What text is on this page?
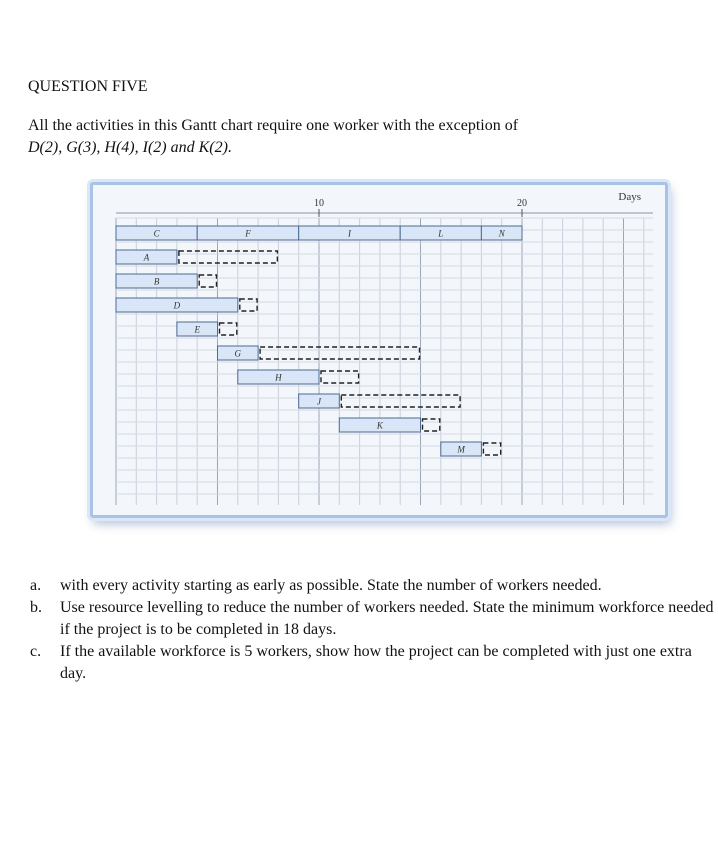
QUESTION FIVE
All the activities in this Gantt chart require one worker with the exception of
D(2), G(3), H(4), I(2) and K(2).
10	20
Days
C	F	I	L	N
A
B
D
E
G
H
J
K
M
a. with every activity starting as early as possible. State the number of workers needed.
b. Use resource levelling to reduce the number of workers needed. State the minimum workforce needed if the project is to be completed in 18 days.
c. If the available workforce is 5 workers, show how the project can be completed with just one extra day.
